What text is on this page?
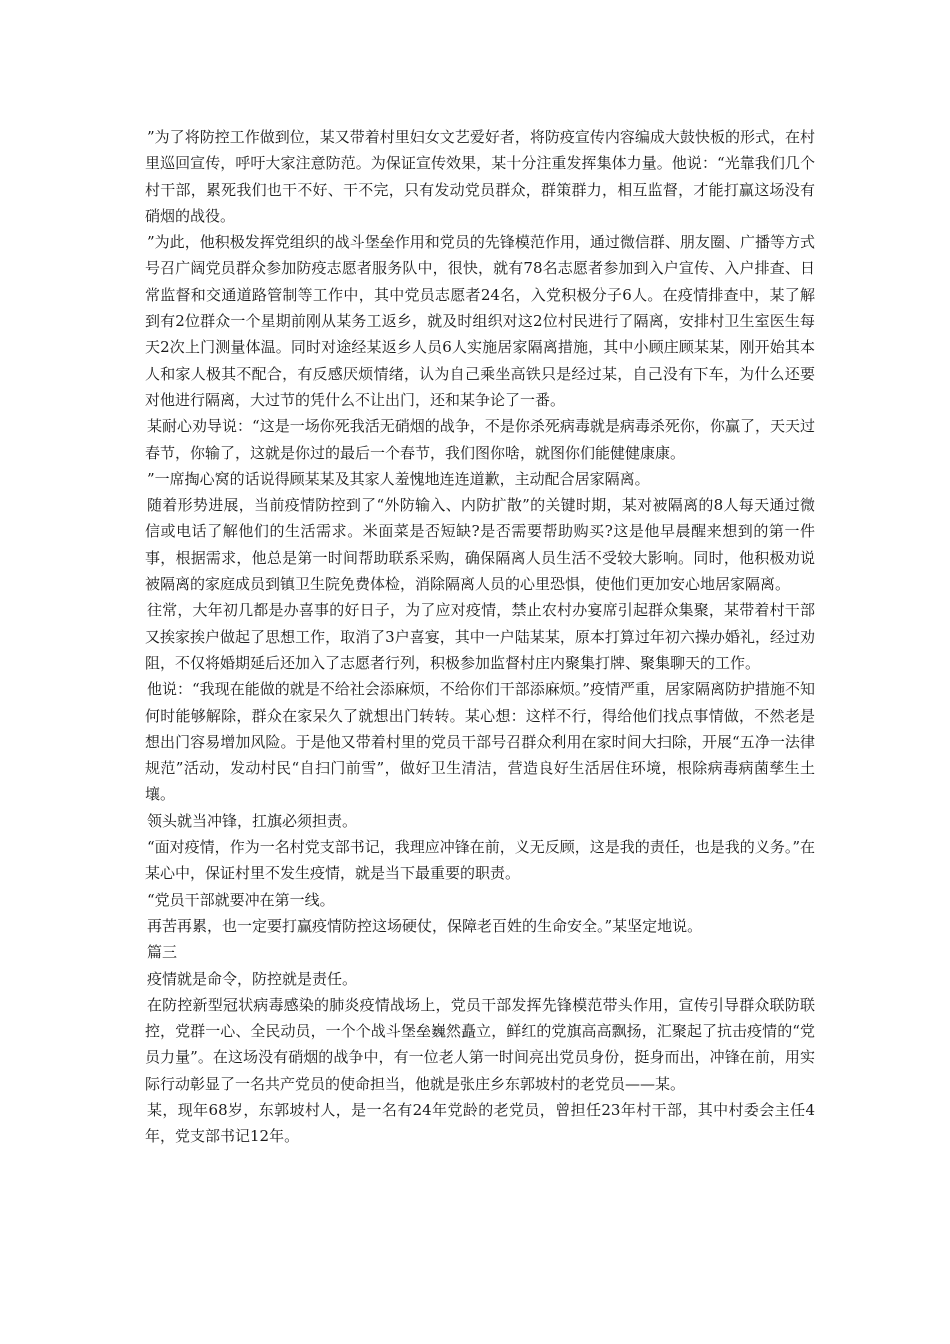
”为了将防控工作做到位，某又带着村里妇女文艺爱好者，将防疫宣传内容编成大鼓快板的形式，在村里巡回宣传，呼吁大家注意防范。为保证宣传效果，某十分注重发挥集体力量。他说：“光靠我们几个村干部，累死我们也干不好、干不完，只有发动党员群众，群策群力，相互监督，才能打赢这场没有硝烟的战役。

”为此，他积极发挥党组织的战斗堡垒作用和党员的先锋模范作用，通过微信群、朋友圈、广播等方式号召广阔党员群众参加防疫志愿者服务队中，很快，就有78名志愿者参加到入户宣传、入户排查、日常监督和交通道路管制等工作中，其中党员志愿者24名，入党积极分子6人。在疫情排查中，某了解到有2位群众一个星期前刚从某务工返乡，就及时组织对这2位村民进行了隔离，安排村卫生室医生每天2次上门测量体温。同时对途经某返乡人员6人实施居家隔离措施，其中小顾庄顾某某，刚开始其本人和家人极其不配合，有反感厌烦情绪，认为自己乘坐高铁只是经过某，自己没有下车，为什么还要对他进行隔离，大过节的凭什么不让出门，还和某争论了一番。

某耐心劝导说：“这是一场你死我活无硝烟的战争，不是你杀死病毒就是病毒杀死你，你赢了，天天过春节，你输了，这就是你过的最后一个春节，我们图你啥，就图你们能健健康康。

”一席掏心窝的话说得顾某某及其家人羞愧地连连道歉，主动配合居家隔离。

随着形势进展，当前疫情防控到了“外防输入、内防扩散”的关键时期，某对被隔离的8人每天通过微信或电话了解他们的生活需求。米面菜是否短缺?是否需要帮助购买?这是他早晨醒来想到的第一件事，根据需求，他总是第一时间帮助联系采购，确保隔离人员生活不受较大影响。同时，他积极劝说被隔离的家庭成员到镇卫生院免费体检，消除隔离人员的心里恐惧，使他们更加安心地居家隔离。

往常，大年初几都是办喜事的好日子，为了应对疫情，禁止农村办宴席引起群众集聚，某带着村干部又挨家挨户做起了思想工作，取消了3户喜宴，其中一户陆某某，原本打算过年初六操办婚礼，经过劝阻，不仅将婚期延后还加入了志愿者行列，积极参加监督村庄内聚集打牌、聚集聊天的工作。

他说：“我现在能做的就是不给社会添麻烦，不给你们干部添麻烦。”疫情严重，居家隔离防护措施不知何时能够解除，群众在家呆久了就想出门转转。某心想：这样不行，得给他们找点事情做，不然老是想出门容易增加风险。于是他又带着村里的党员干部号召群众利用在家时间大扫除，开展“五净一法律规范”活动，发动村民“自扫门前雪”，做好卫生清洁，营造良好生活居住环境，根除病毒病菌孳生土壤。

领头就当冲锋，扛旗必须担责。

“面对疫情，作为一名村党支部书记，我理应冲锋在前，义无反顾，这是我的责任，也是我的义务。”在某心中，保证村里不发生疫情，就是当下最重要的职责。

“党员干部就要冲在第一线。

再苦再累，也一定要打赢疫情防控这场硬仗，保障老百姓的生命安全。”某坚定地说。

篇三

疫情就是命令，防控就是责任。

在防控新型冠状病毒感染的肺炎疫情战场上，党员干部发挥先锋模范带头作用，宣传引导群众联防联控，党群一心、全民动员，一个个战斗堡垒巍然矗立，鲜红的党旗高高飘扬，汇聚起了抗击疫情的“党员力量”。在这场没有硝烟的战争中，有一位老人第一时间亮出党员身份，挺身而出，冲锋在前，用实际行动彰显了一名共产党员的使命担当，他就是张庄乡东郭坡村的老党员——某。

某，现年68岁，东郭坡村人，是一名有24年党龄的老党员，曾担任23年村干部，其中村委会主任4年，党支部书记12年。
